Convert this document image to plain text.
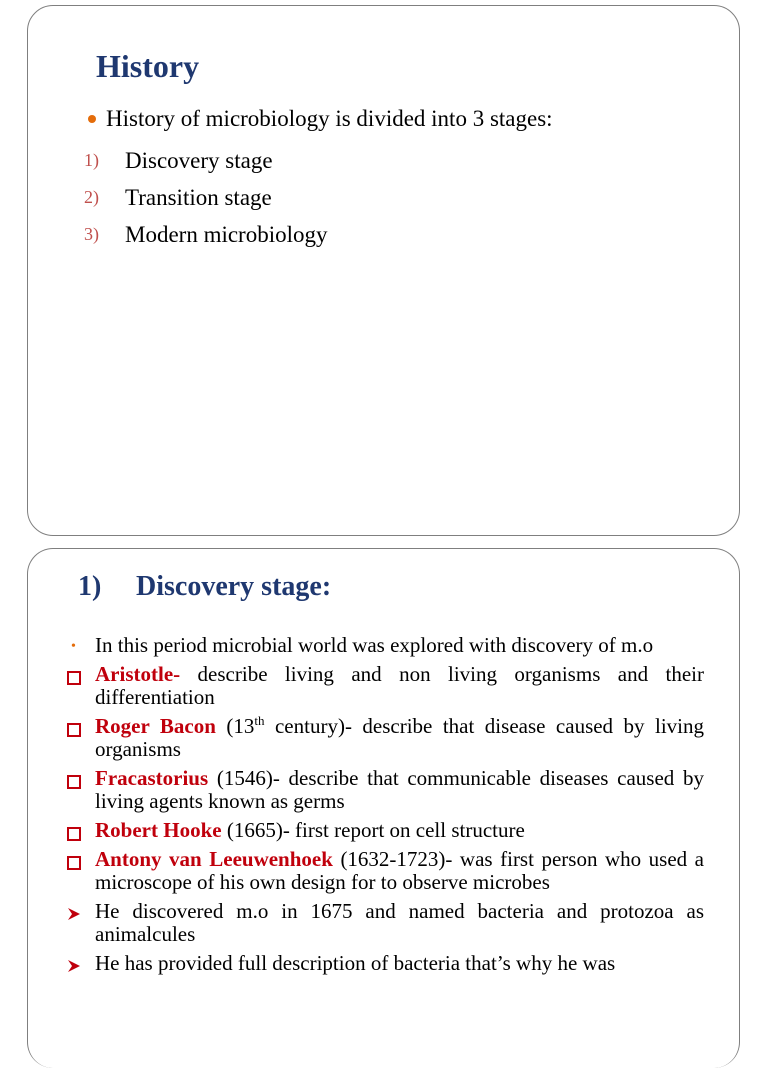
History
History of microbiology is divided into 3 stages:
1)	Discovery stage
2)	Transition stage
3)	Modern microbiology
1) Discovery stage:
• In this period microbial world was explored with discovery of m.o
Aristotle- describe living and non living organisms and their differentiation
Roger Bacon (13th century)- describe that disease caused by living organisms
Fracastorius (1546)- describe that communicable diseases caused by living agents known as germs
Robert Hooke (1665)- first report on cell structure
Antony van Leeuwenhoek (1632-1723)- was first person who used a microscope of his own design for to observe microbes
He discovered m.o in 1675 and named bacteria and protozoa as animalcules
He has provided full description of bacteria that’s why he was
